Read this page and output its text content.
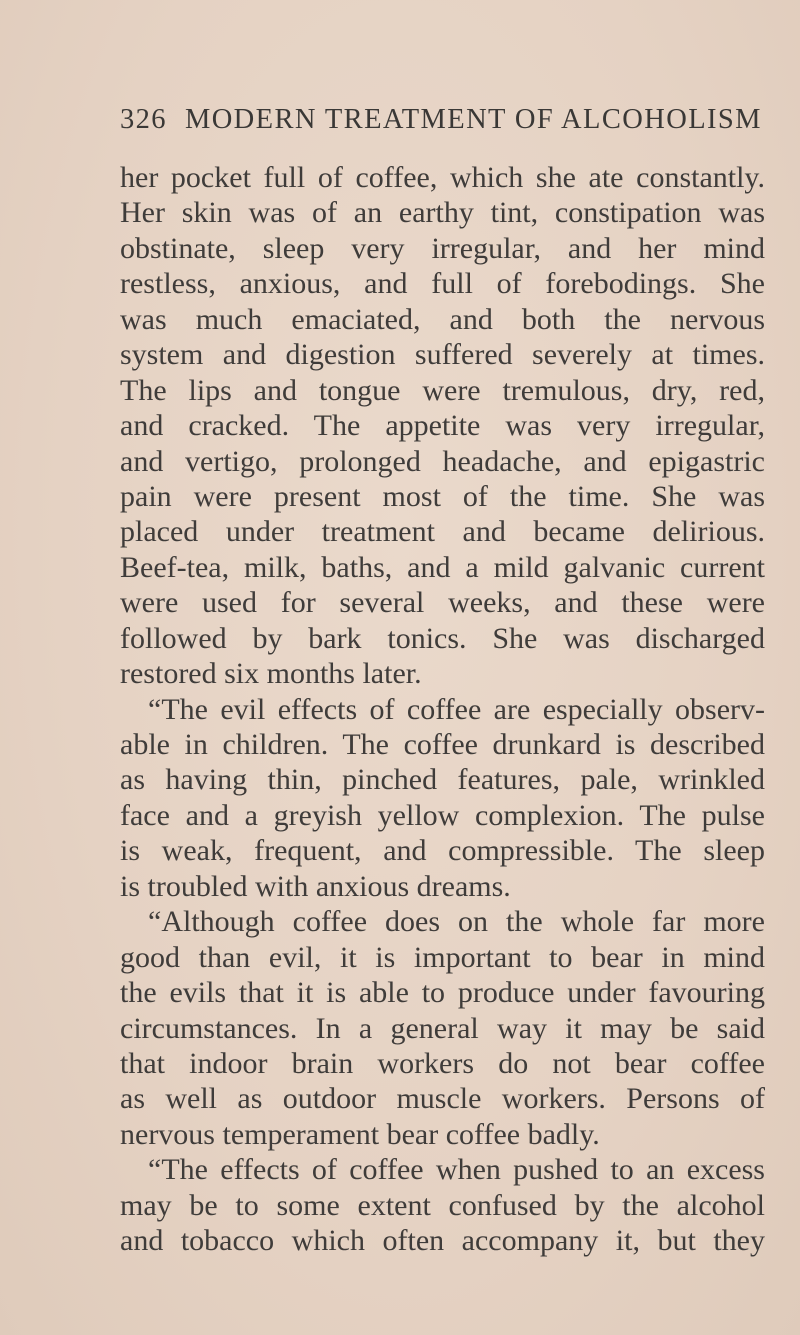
326 MODERN TREATMENT OF ALCOHOLISM
her pocket full of coffee, which she ate constantly.
Her skin was of an earthy tint, constipation was
obstinate, sleep very irregular, and her mind
restless, anxious, and full of forebodings. She
was much emaciated, and both the nervous
system and digestion suffered severely at times.
The lips and tongue were tremulous, dry, red,
and cracked. The appetite was very irregular,
and vertigo, prolonged headache, and epigastric
pain were present most of the time. She was
placed under treatment and became delirious.
Beef-tea, milk, baths, and a mild galvanic current
were used for several weeks, and these were
followed by bark tonics. She was discharged
restored six months later.
“The evil effects of coffee are especially observ-
able in children. The coffee drunkard is described
as having thin, pinched features, pale, wrinkled
face and a greyish yellow complexion. The pulse
is weak, frequent, and compressible. The sleep
is troubled with anxious dreams.
“Although coffee does on the whole far more
good than evil, it is important to bear in mind
the evils that it is able to produce under favouring
circumstances. In a general way it may be said
that indoor brain workers do not bear coffee
as well as outdoor muscle workers. Persons of
nervous temperament bear coffee badly.
“The effects of coffee when pushed to an excess
may be to some extent confused by the alcohol
and tobacco which often accompany it, but they
